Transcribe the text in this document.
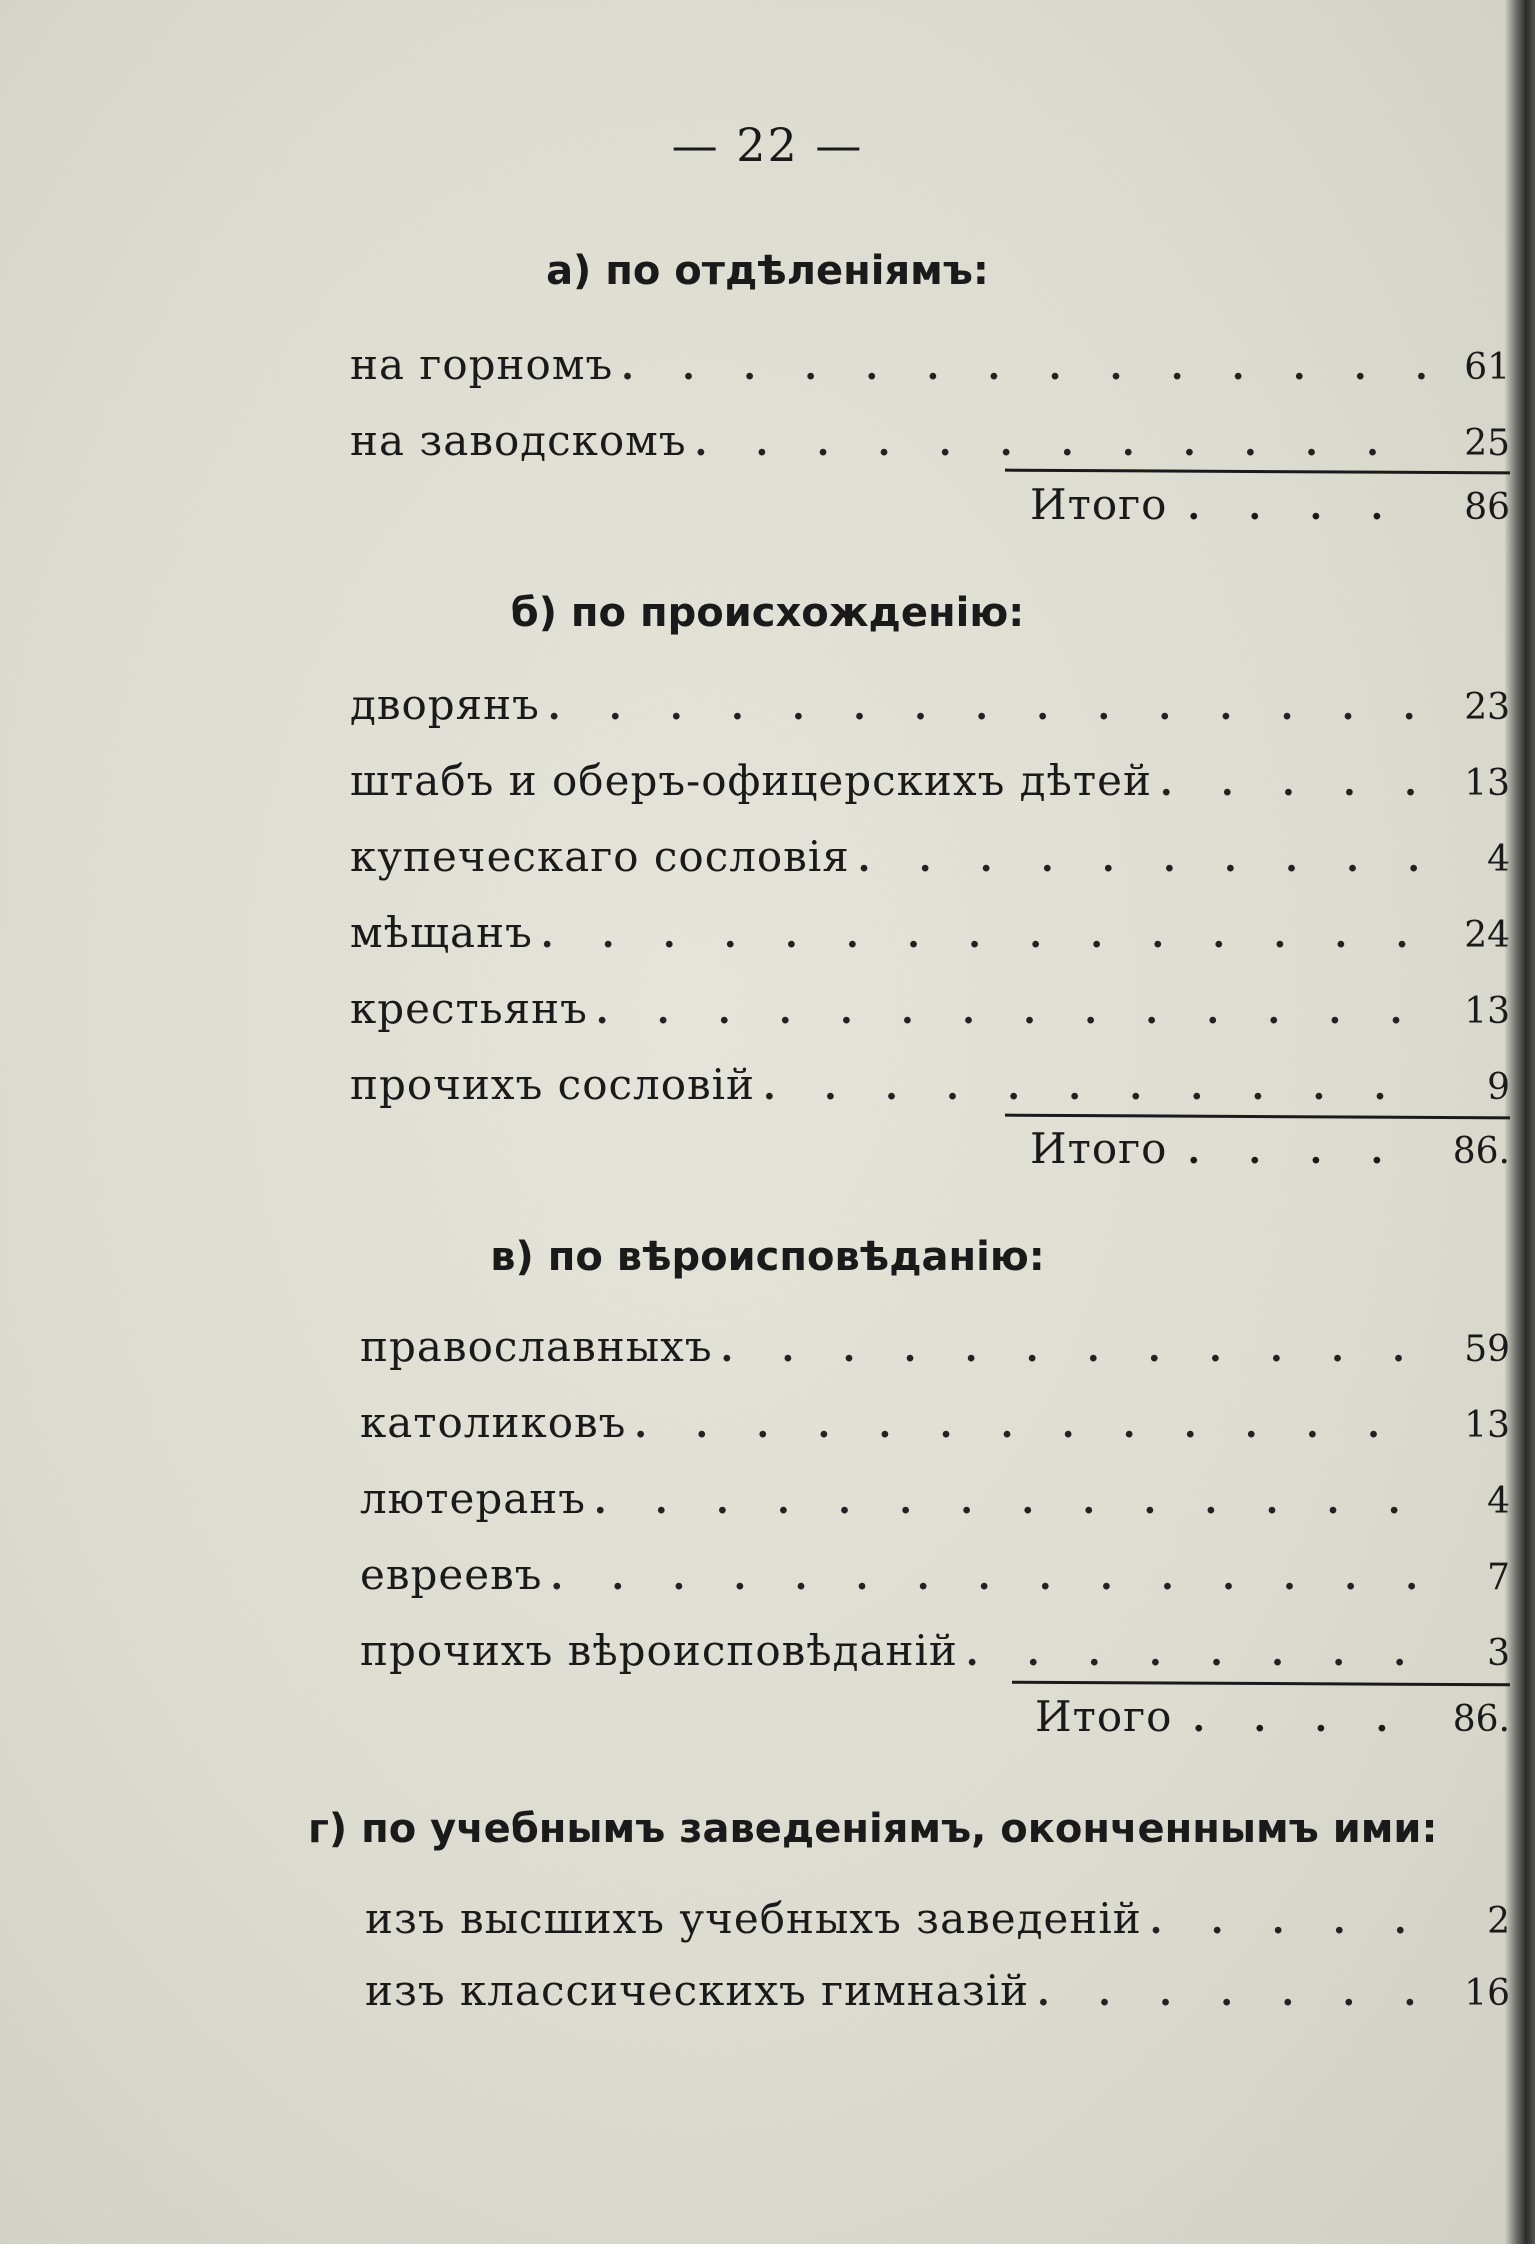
— 22 —
а) по отдѣленіямъ:
на горномъ . . .	61
на заводскомъ . . .	25
Итого . . .	86
б) по происхожденію:
дворянъ . . .	23
штабъ и оберъ-офицерскихъ дѣтей . . .	13
купеческаго сословія . . .	4
мѣщанъ . . .	24
крестьянъ . . .	13
прочихъ сословій . . .	9
Итого . . .	86.
в) по вѣроисповѣданію:
православныхъ . . .	59
католиковъ . . .	13
лютеранъ . . .	4
евреевъ . . .	7
прочихъ вѣроисповѣданій . . .	3
Итого . . .	86.
г) по учебнымъ заведеніямъ, оконченнымъ ими:
изъ высшихъ учебныхъ заведеній . . .	2
изъ классическихъ гимназій . . .	16
